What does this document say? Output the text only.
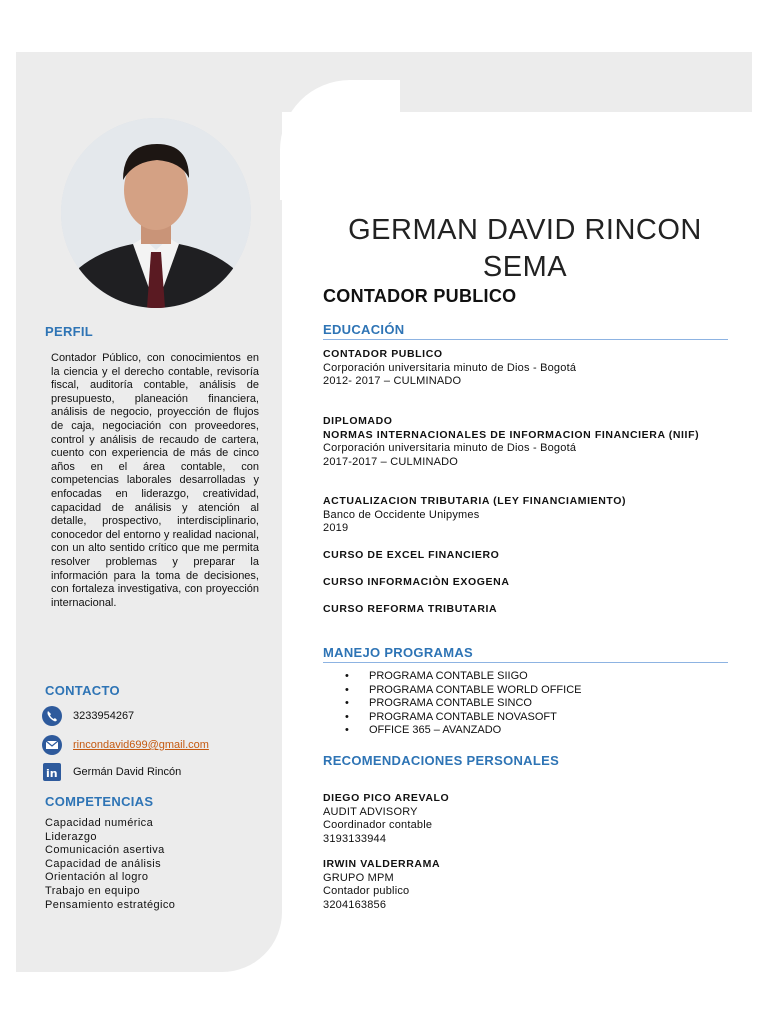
PERFIL
Contador Público, con conocimientos en la ciencia y el derecho contable, revisoría fiscal, auditoría contable, análisis de presupuesto, planeación financiera, análisis de negocio, proyección de flujos de caja, negociación con proveedores, control y análisis de recaudo de cartera, cuento con experiencia de más de cinco años en el área contable, con competencias laborales desarrolladas y enfocadas en liderazgo, creatividad, capacidad de análisis y atención al detalle, prospectivo, interdisciplinario, conocedor del entorno y realidad nacional, con un alto sentido crítico que me permita resolver problemas y preparar la información para la toma de decisiones, con fortaleza investigativa, con proyección internacional.
CONTACTO
3233954267
rincondavid699@gmail.com
in Germán David Rincón
COMPETENCIAS
Capacidad numérica
Liderazgo
Comunicación asertiva
Capacidad de análisis
Orientación al logro
Trabajo en equipo
Pensamiento estratégico
GERMAN DAVID RINCON
SEMA
CONTADOR PUBLICO
EDUCACIÓN
CONTADOR PUBLICO
Corporación universitaria minuto de Dios - Bogotá
2012- 2017 – CULMINADO
DIPLOMADO
NORMAS INTERNACIONALES DE INFORMACION FINANCIERA (NIIF)
Corporación universitaria minuto de Dios - Bogotá
2017-2017 – CULMINADO
ACTUALIZACION TRIBUTARIA (LEY FINANCIAMIENTO)
Banco de Occidente Unipymes
2019
CURSO DE EXCEL FINANCIERO
CURSO INFORMACIÒN EXOGENA
CURSO REFORMA TRIBUTARIA
MANEJO PROGRAMAS
• PROGRAMA CONTABLE SIIGO
• PROGRAMA CONTABLE WORLD OFFICE
• PROGRAMA CONTABLE SINCO
• PROGRAMA CONTABLE NOVASOFT
• OFFICE 365 – AVANZADO
RECOMENDACIONES PERSONALES
DIEGO PICO AREVALO
AUDIT ADVISORY
Coordinador contable
3193133944
IRWIN VALDERRAMA
GRUPO MPM
Contador publico
3204163856
